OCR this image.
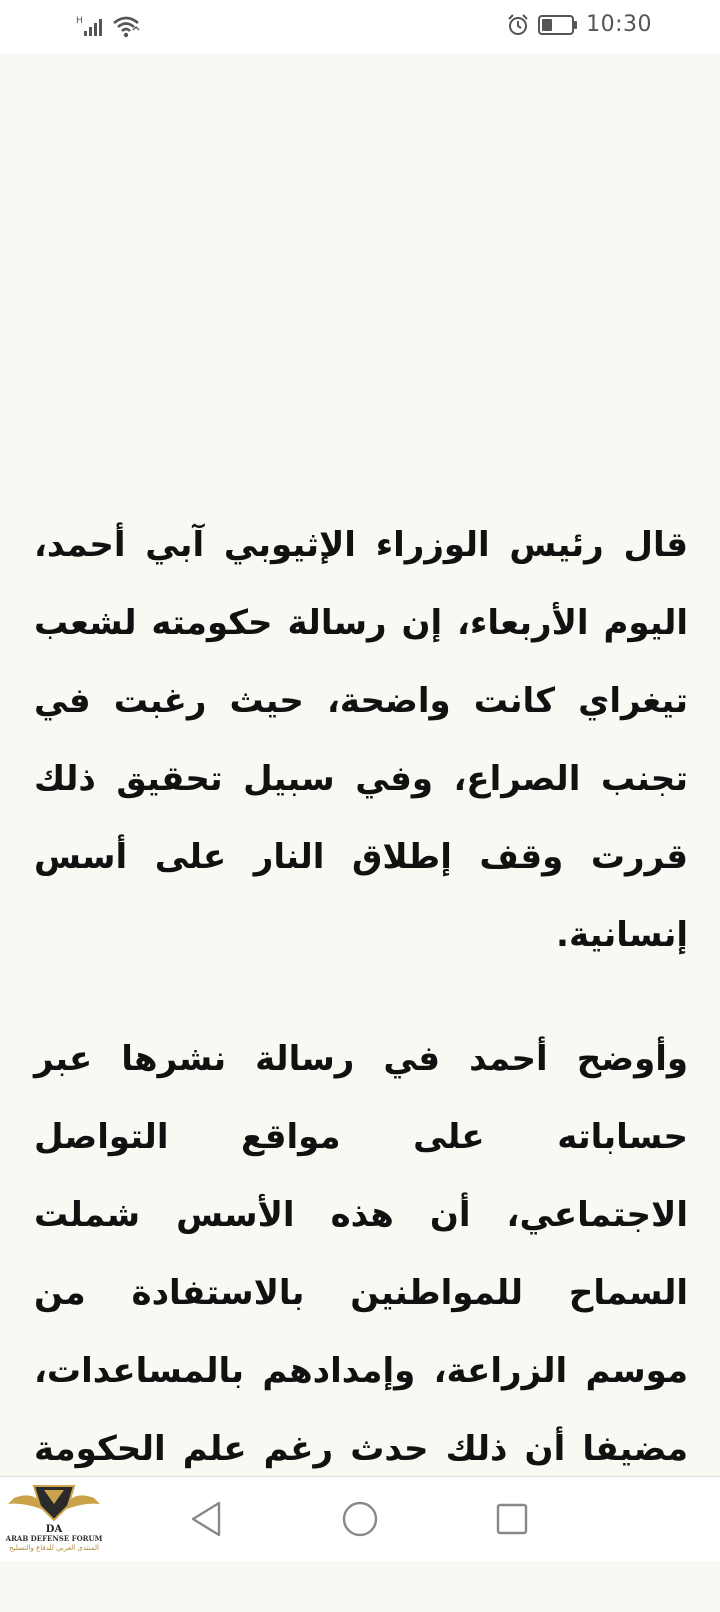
H	10:30

قال رئيس الوزراء الإثيوبي آبي أحمد، اليوم الأربعاء، إن رسالة حكومته لشعب تيغراي كانت واضحة، حيث رغبت في تجنب الصراع، وفي سبيل تحقيق ذلك قررت وقف إطلاق النار على أسس إنسانية.

وأوضح أحمد في رسالة نشرها عبر حساباته على مواقع التواصل الاجتماعي، أن هذه الأسس شملت السماح للمواطنين بالاستفادة من موسم الزراعة، وإمدادهم بالمساعدات، مضيفا أن ذلك حدث رغم علم الحكومة

DA
ARAB DEFENSE FORUM
المنتدى العربي للدفاع والتسليح
